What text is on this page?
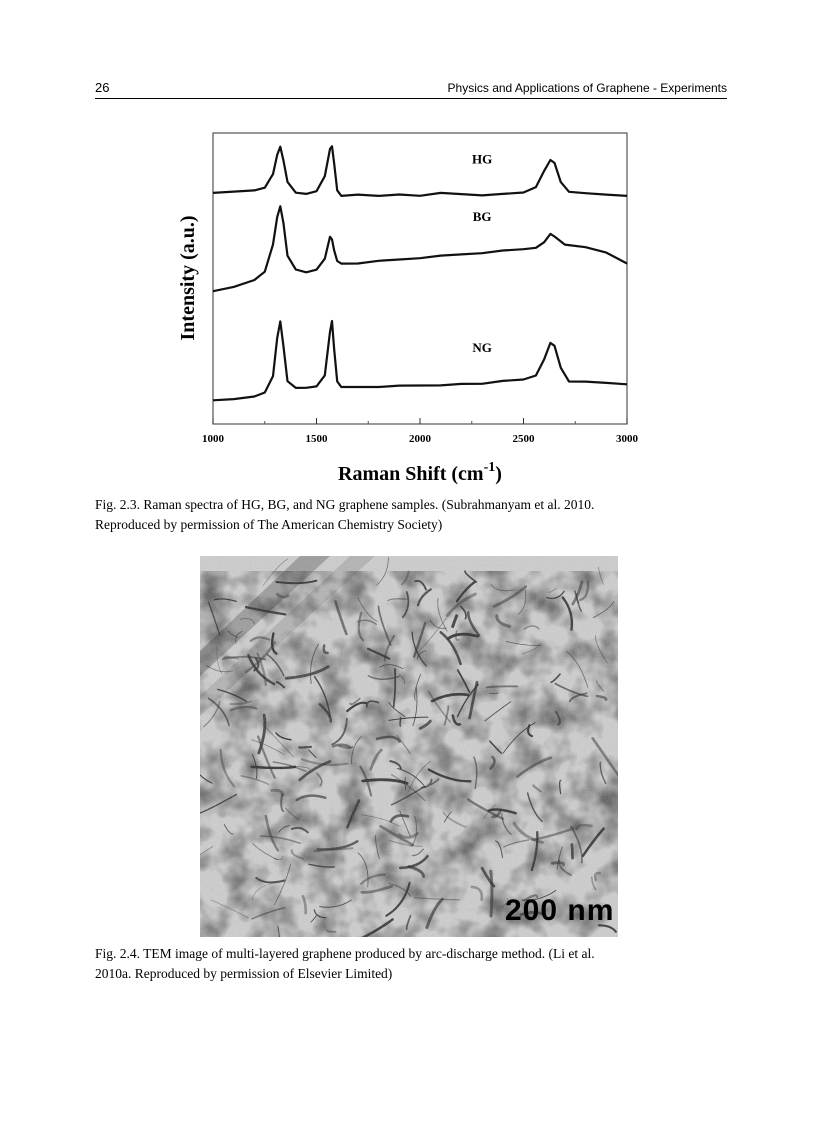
26	Physics and Applications of Graphene - Experiments
1000	1500	2000	2500	3000
HG
BG
NG
Intensity (a.u.)
Raman Shift $(cm^{-1})$
Fig. 2.3. Raman spectra of HG, BG, and NG graphene samples. (Subrahmanyam et al. 2010.
Reproduced by permission of The American Chemistry Society)
200 nm
Fig. 2.4. TEM image of multi-layered graphene produced by arc-discharge method. (Li et al.
2010a. Reproduced by permission of Elsevier Limited)
